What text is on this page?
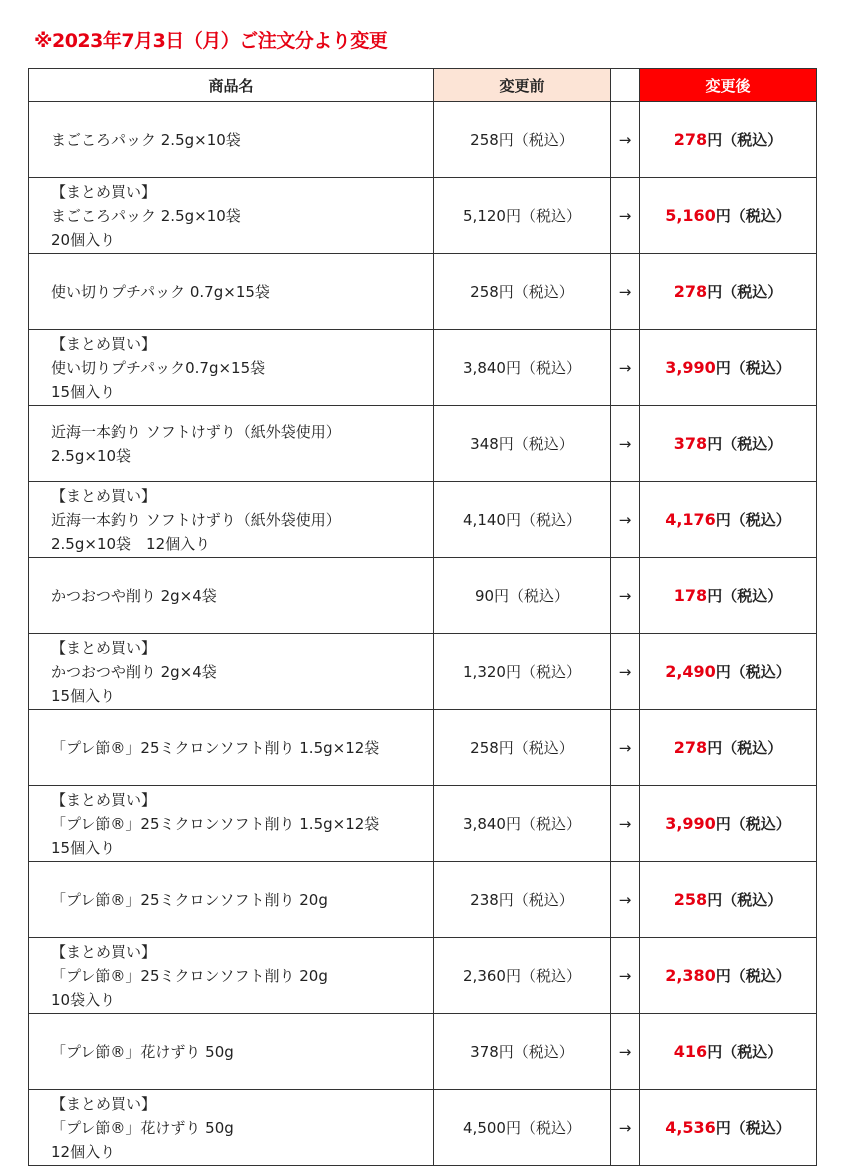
※2023年7月3日（月）ご注文分より変更
商品名	変更前		変更後

まごころパック 2.5g×10袋	258円（税込）	→	278円（税込）

【まとめ買い】
まごころパック 2.5g×10袋
20個入り	5,120円（税込）	→	5,160円（税込）

使い切りプチパック 0.7g×15袋	258円（税込）	→	278円（税込）

【まとめ買い】
使い切りプチパック0.7g×15袋
15個入り	3,840円（税込）	→	3,990円（税込）

近海一本釣り ソフトけずり（紙外袋使用）
2.5g×10袋	348円（税込）	→	378円（税込）

【まとめ買い】
近海一本釣り ソフトけずり（紙外袋使用）
2.5g×10袋　12個入り	4,140円（税込）	→	4,176円（税込）

かつおつや削り 2g×4袋	90円（税込）	→	178円（税込）

【まとめ買い】
かつおつや削り 2g×4袋
15個入り	1,320円（税込）	→	2,490円（税込）

「プレ節®」25ミクロンソフト削り 1.5g×12袋	258円（税込）	→	278円（税込）

【まとめ買い】
「プレ節®」25ミクロンソフト削り 1.5g×12袋
15個入り	3,840円（税込）	→	3,990円（税込）

「プレ節®」25ミクロンソフト削り 20g	238円（税込）	→	258円（税込）

【まとめ買い】
「プレ節®」25ミクロンソフト削り 20g
10袋入り	2,360円（税込）	→	2,380円（税込）

「プレ節®」花けずり 50g	378円（税込）	→	416円（税込）

【まとめ買い】
「プレ節®」花けずり 50g
12個入り	4,500円（税込）	→	4,536円（税込）
